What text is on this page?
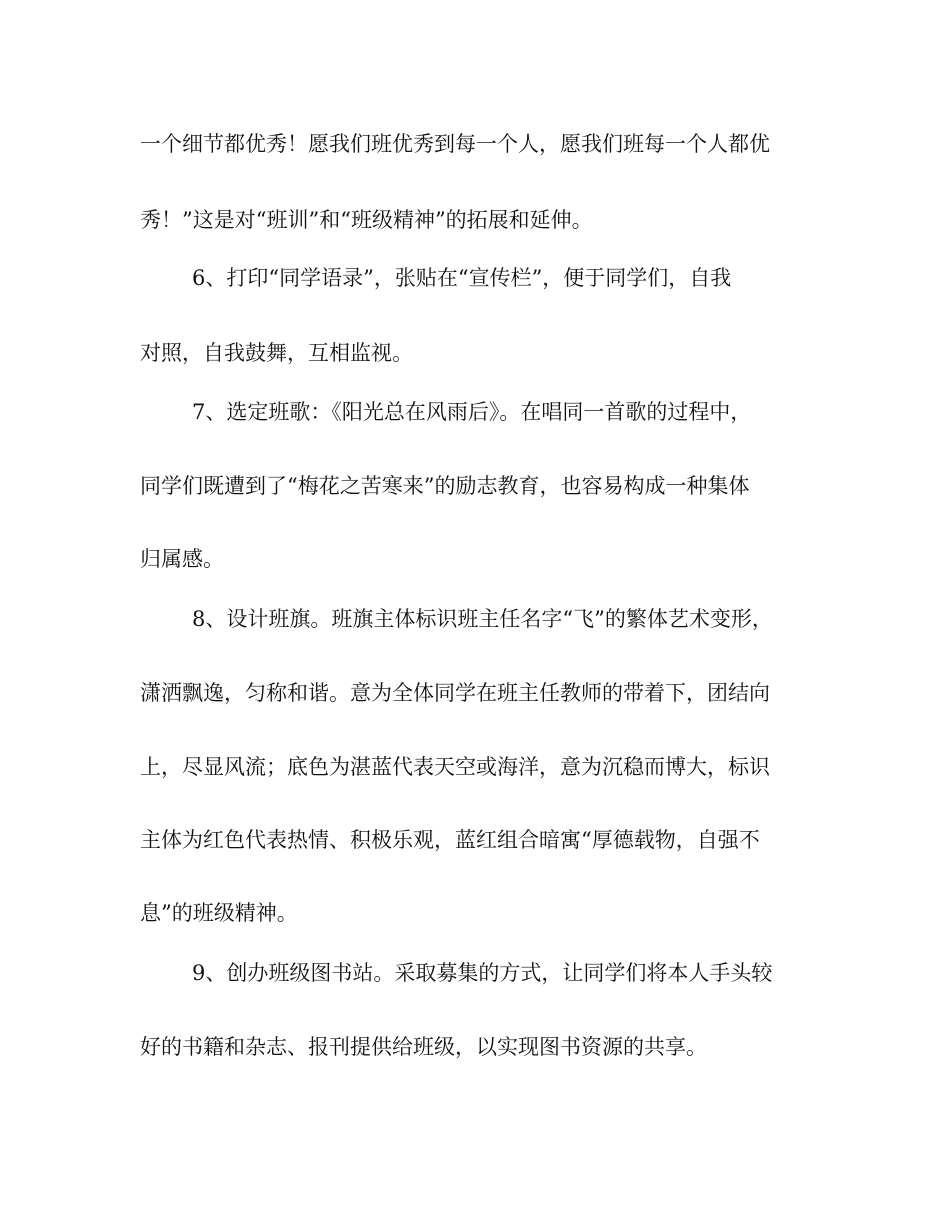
一个细节都优秀！愿我们班优秀到每一个人，愿我们班每一个人都优
秀！”这是对“班训”和“班级精神”的拓展和延伸。
6、打印“同学语录”，张贴在“宣传栏”，便于同学们，自我
对照，自我鼓舞，互相监视。
7、选定班歌：《阳光总在风雨后》。在唱同一首歌的过程中，
同学们既遭到了“梅花之苦寒来”的励志教育，也容易构成一种集体
归属感。
8、设计班旗。班旗主体标识班主任名字“飞”的繁体艺术变形，
潇洒飘逸，匀称和谐。意为全体同学在班主任教师的带着下，团结向
上，尽显风流；底色为湛蓝代表天空或海洋，意为沉稳而博大，标识
主体为红色代表热情、积极乐观，蓝红组合暗寓“厚德载物，自强不
息”的班级精神。
9、创办班级图书站。采取募集的方式，让同学们将本人手头较
好的书籍和杂志、报刊提供给班级，以实现图书资源的共享。
